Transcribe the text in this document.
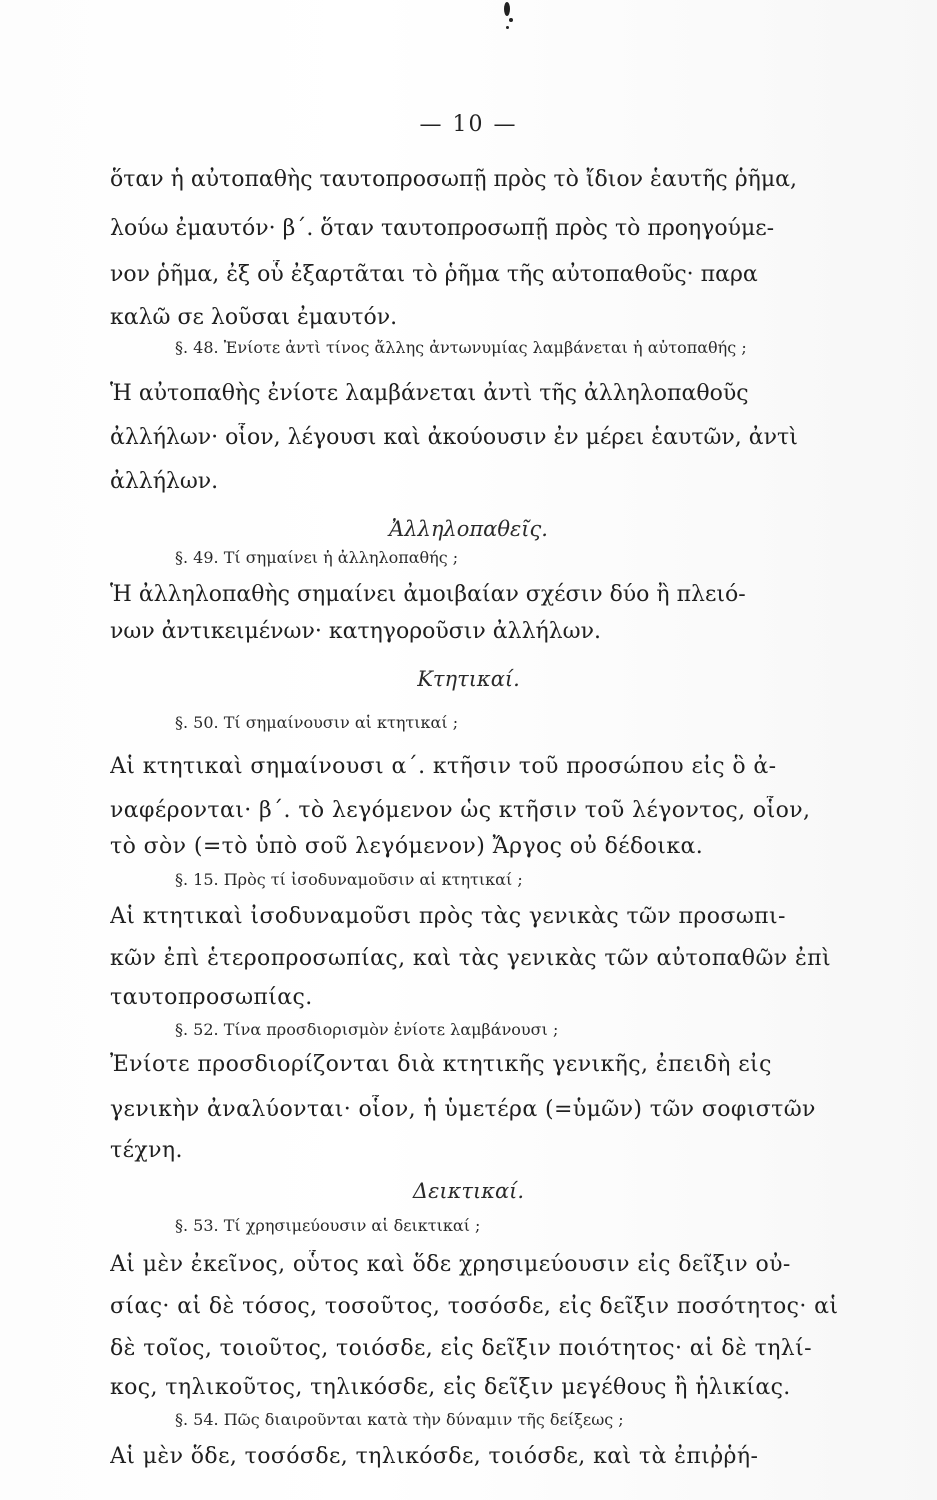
— 10 —
ὅταν ἡ αὐτοπαθὴς ταυτοπροσωπῇ πρὸς τὸ ἴδιον ἑαυτῆς ῥῆμα,
λούω ἐμαυτόν· β΄. ὅταν ταυτοπροσωπῇ πρὸς τὸ προηγούμε-
νον ῥῆμα, ἐξ οὗ ἐξαρτᾶται τὸ ῥῆμα τῆς αὐτοπαθοῦς· παρα
καλῶ σε λοῦσαι ἐμαυτόν.
§. 48. Ἐνίοτε ἀντὶ τίνος ἄλλης ἀντωνυμίας λαμβάνεται ἡ αὐτοπαθής ;
Ἡ αὐτοπαθὴς ἐνίοτε λαμβάνεται ἀντὶ τῆς ἀλληλοπαθοῦς
ἀλλήλων· οἷον, λέγουσι καὶ ἀκούουσιν ἐν μέρει ἑαυτῶν, ἀντὶ
ἀλλήλων.
Ἀλληλοπαθεῖς.
§. 49. Τί σημαίνει ἡ ἀλληλοπαθής ;
Ἡ ἀλληλοπαθὴς σημαίνει ἀμοιβαίαν σχέσιν δύο ἢ πλειό-
νων ἀντικειμένων· κατηγοροῦσιν ἀλλήλων.
Κτητικαί.
§. 50. Τί σημαίνουσιν αἱ κτητικαί ;
Αἱ κτητικαὶ σημαίνουσι α΄. κτῆσιν τοῦ προσώπου εἰς ὃ ἀ-
ναφέρονται· β΄. τὸ λεγόμενον ὡς κτῆσιν τοῦ λέγοντος, οἷον,
τὸ σὸν (=τὸ ὑπὸ σοῦ λεγόμενον) Ἄργος οὐ δέδοικα.
§. 15. Πρὸς τί ἰσοδυναμοῦσιν αἱ κτητικαί ;
Αἱ κτητικαὶ ἰσοδυναμοῦσι πρὸς τὰς γενικὰς τῶν προσωπι-
κῶν ἐπὶ ἑτεροπροσωπίας, καὶ τὰς γενικὰς τῶν αὐτοπαθῶν ἐπὶ
ταυτοπροσωπίας.
§. 52. Τίνα προσδιορισμὸν ἐνίοτε λαμβάνουσι ;
Ἐνίοτε προσδιορίζονται διὰ κτητικῆς γενικῆς, ἐπειδὴ εἰς
γενικὴν ἀναλύονται· οἷον, ἡ ὑμετέρα (=ὑμῶν) τῶν σοφιστῶν
τέχνη.
Δεικτικαί.
§. 53. Τί χρησιμεύουσιν αἱ δεικτικαί ;
Αἱ μὲν ἐκεῖνος, οὗτος καὶ ὅδε χρησιμεύουσιν εἰς δεῖξιν οὐ-
σίας· αἱ δὲ τόσος, τοσοῦτος, τοσόσδε, εἰς δεῖξιν ποσότητος· αἱ
δὲ τοῖος, τοιοῦτος, τοιόσδε, εἰς δεῖξιν ποιότητος· αἱ δὲ τηλί-
κος, τηλικοῦτος, τηλικόσδε, εἰς δεῖξιν μεγέθους ἢ ἡλικίας.
§. 54. Πῶς διαιροῦνται κατὰ τὴν δύναμιν τῆς δείξεως ;
Αἱ μὲν ὅδε, τοσόσδε, τηλικόσδε, τοιόσδε, καὶ τὰ ἐπιῤῥή-
